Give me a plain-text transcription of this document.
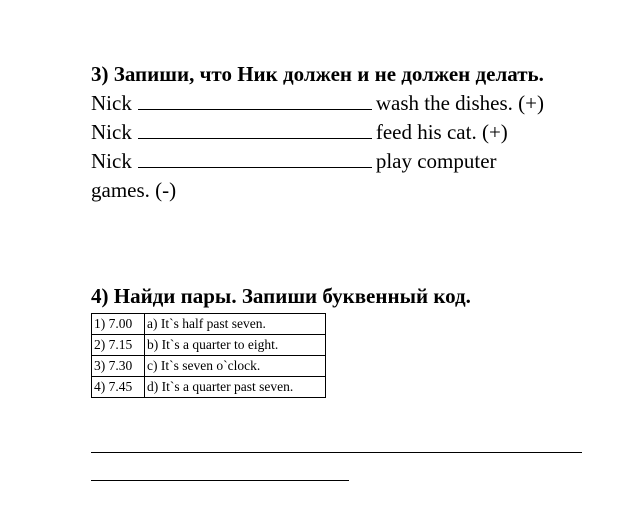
3) Запиши, что Ник должен и не должен делать.

Nick	wash the dishes. (+)
Nick	feed his cat. (+)
Nick	play computer
games. (-)

4) Найди пары. Запиши буквенный код.

1) 7.00	a) It`s half past seven.
2) 7.15	b) It`s a quarter to eight.
3) 7.30	c) It`s seven o`clock.
4) 7.45	d) It`s a quarter past seven.
